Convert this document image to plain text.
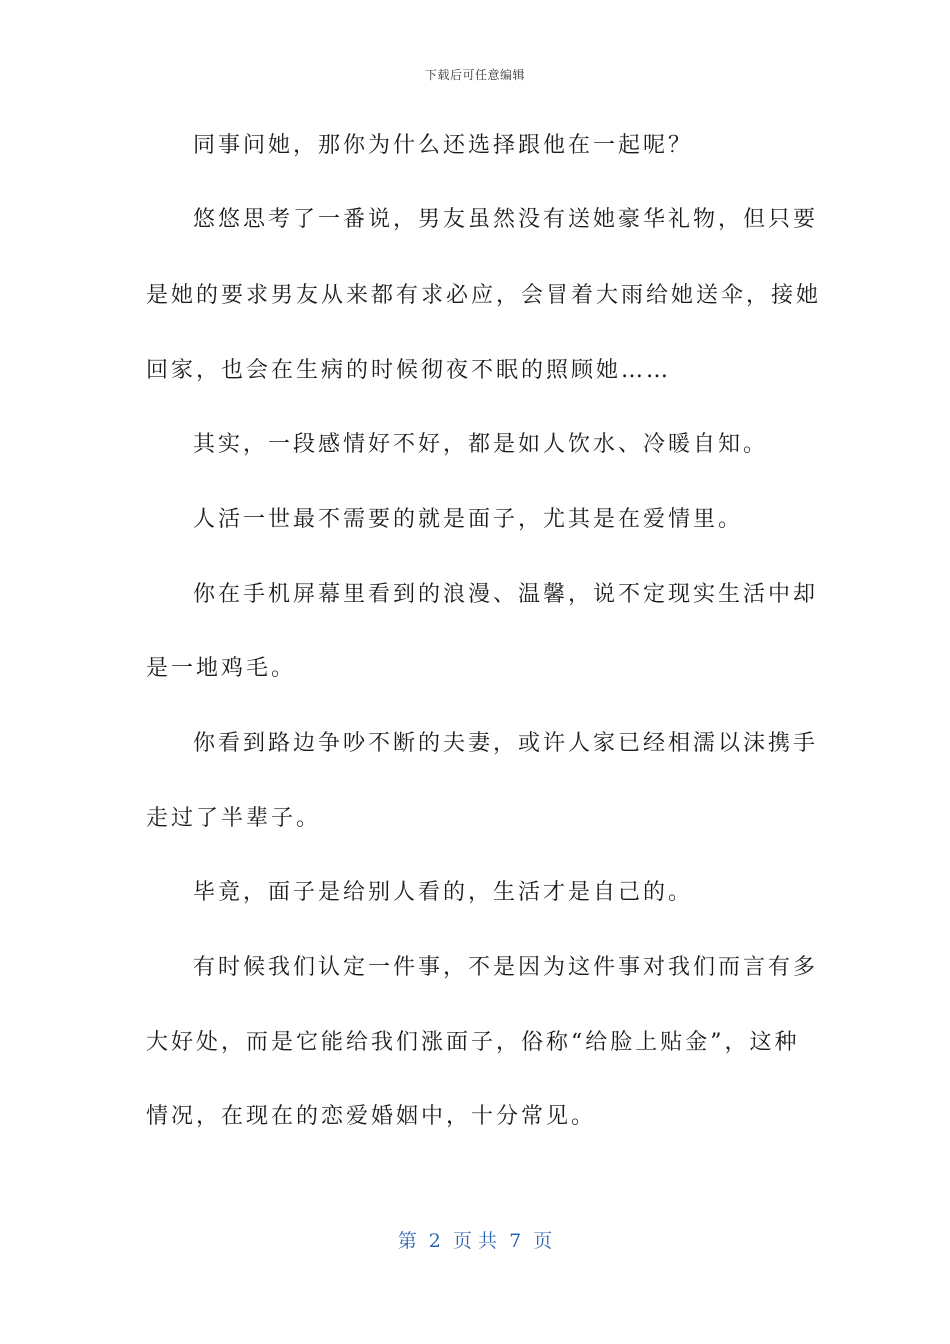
下载后可任意编辑
同事问她，那你为什么还选择跟他在一起呢？
悠悠思考了一番说，男友虽然没有送她豪华礼物，但只要
是她的要求男友从来都有求必应，会冒着大雨给她送伞，接她
回家，也会在生病的时候彻夜不眠的照顾她……
其实，一段感情好不好，都是如人饮水、冷暖自知。
人活一世最不需要的就是面子，尤其是在爱情里。
你在手机屏幕里看到的浪漫、温馨，说不定现实生活中却
是一地鸡毛。
你看到路边争吵不断的夫妻，或许人家已经相濡以沫携手
走过了半辈子。
毕竟，面子是给别人看的，生活才是自己的。
有时候我们认定一件事，不是因为这件事对我们而言有多
大好处，而是它能给我们涨面子，俗称“给脸上贴金”，这种
情况，在现在的恋爱婚姻中，十分常见。
第  2  页 共  7  页
